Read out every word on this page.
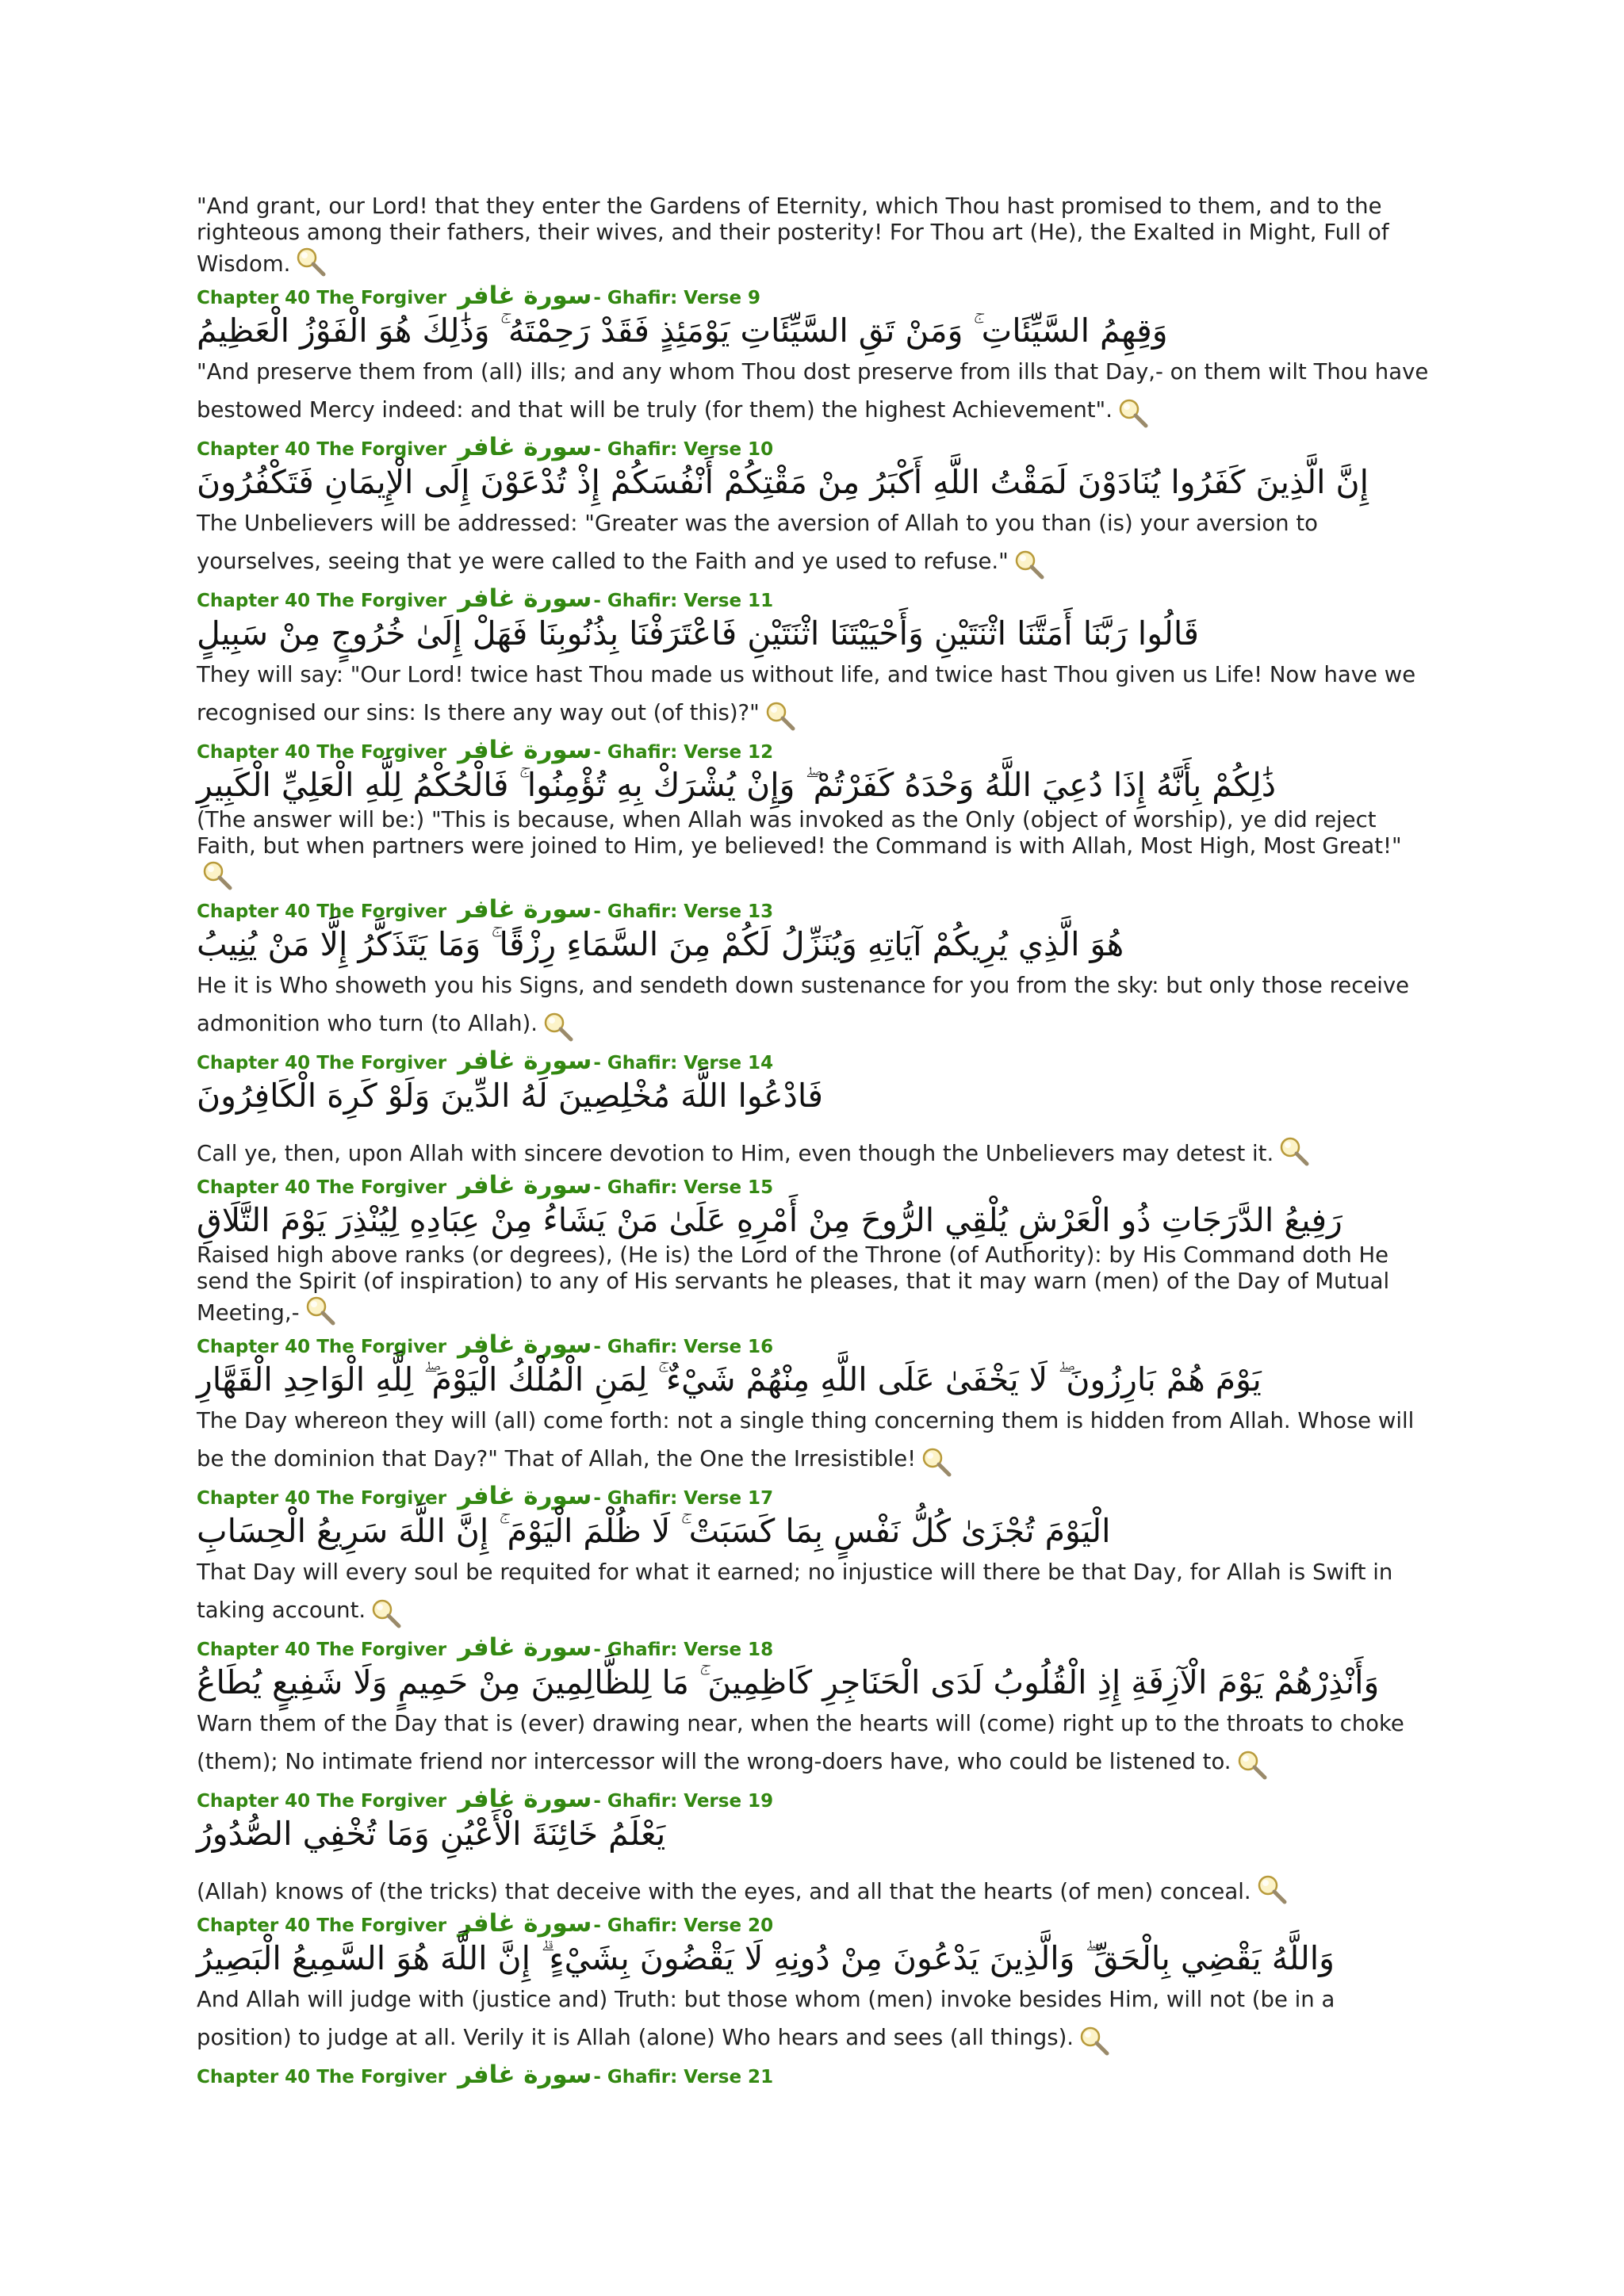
"And grant, our Lord! that they enter the Gardens of Eternity, which Thou hast promised to them, and to the righteous among their fathers, their wives, and their posterity! For Thou art (He), the Exalted in Might, Full of Wisdom.

Chapter 40 The Forgiver سورة غافر- Ghafir: Verse 9
وَقِهِمُ السَّيِّئَاتِ ۚ وَمَنْ تَقِ السَّيِّئَاتِ يَوْمَئِذٍ فَقَدْ رَحِمْتَهُ ۚ وَذَٰلِكَ هُوَ الْفَوْزُ الْعَظِيمُ

"And preserve them from (all) ills; and any whom Thou dost preserve from ills that Day,- on them wilt Thou have bestowed Mercy indeed: and that will be truly (for them) the highest Achievement".

Chapter 40 The Forgiver سورة غافر- Ghafir: Verse 10
إِنَّ الَّذِينَ كَفَرُوا يُنَادَوْنَ لَمَقْتُ اللَّهِ أَكْبَرُ مِنْ مَقْتِكُمْ أَنْفُسَكُمْ إِذْ تُدْعَوْنَ إِلَى الْإِيمَانِ فَتَكْفُرُونَ

The Unbelievers will be addressed: "Greater was the aversion of Allah to you than (is) your aversion to yourselves, seeing that ye were called to the Faith and ye used to refuse."

Chapter 40 The Forgiver سورة غافر- Ghafir: Verse 11
قَالُوا رَبَّنَا أَمَتَّنَا اثْنَتَيْنِ وَأَحْيَيْتَنَا اثْنَتَيْنِ فَاعْتَرَفْنَا بِذُنُوبِنَا فَهَلْ إِلَىٰ خُرُوجٍ مِنْ سَبِيلٍ

They will say: "Our Lord! twice hast Thou made us without life, and twice hast Thou given us Life! Now have we recognised our sins: Is there any way out (of this)?"

Chapter 40 The Forgiver سورة غافر- Ghafir: Verse 12
ذَٰلِكُمْ بِأَنَّهُ إِذَا دُعِيَ اللَّهُ وَحْدَهُ كَفَرْتُمْ ۖ وَإِنْ يُشْرَكْ بِهِ تُؤْمِنُوا ۚ فَالْحُكْمُ لِلَّهِ الْعَلِيِّ الْكَبِيرِ

(The answer will be:) "This is because, when Allah was invoked as the Only (object of worship), ye did reject Faith, but when partners were joined to Him, ye believed! the Command is with Allah, Most High, Most Great!"

Chapter 40 The Forgiver سورة غافر- Ghafir: Verse 13
هُوَ الَّذِي يُرِيكُمْ آيَاتِهِ وَيُنَزِّلُ لَكُمْ مِنَ السَّمَاءِ رِزْقًا ۚ وَمَا يَتَذَكَّرُ إِلَّا مَنْ يُنِيبُ

He it is Who showeth you his Signs, and sendeth down sustenance for you from the sky: but only those receive admonition who turn (to Allah).

Chapter 40 The Forgiver سورة غافر- Ghafir: Verse 14
فَادْعُوا اللَّهَ مُخْلِصِينَ لَهُ الدِّينَ وَلَوْ كَرِهَ الْكَافِرُونَ

Call ye, then, upon Allah with sincere devotion to Him, even though the Unbelievers may detest it.

Chapter 40 The Forgiver سورة غافر- Ghafir: Verse 15
رَفِيعُ الدَّرَجَاتِ ذُو الْعَرْشِ يُلْقِي الرُّوحَ مِنْ أَمْرِهِ عَلَىٰ مَنْ يَشَاءُ مِنْ عِبَادِهِ لِيُنْذِرَ يَوْمَ التَّلَاقِ

Raised high above ranks (or degrees), (He is) the Lord of the Throne (of Authority): by His Command doth He send the Spirit (of inspiration) to any of His servants he pleases, that it may warn (men) of the Day of Mutual Meeting,-

Chapter 40 The Forgiver سورة غافر- Ghafir: Verse 16
يَوْمَ هُمْ بَارِزُونَ ۖ لَا يَخْفَىٰ عَلَى اللَّهِ مِنْهُمْ شَيْءٌ ۚ لِمَنِ الْمُلْكُ الْيَوْمَ ۖ لِلَّهِ الْوَاحِدِ الْقَهَّارِ

The Day whereon they will (all) come forth: not a single thing concerning them is hidden from Allah. Whose will be the dominion that Day?" That of Allah, the One the Irresistible!

Chapter 40 The Forgiver سورة غافر- Ghafir: Verse 17
الْيَوْمَ تُجْزَىٰ كُلُّ نَفْسٍ بِمَا كَسَبَتْ ۚ لَا ظُلْمَ الْيَوْمَ ۚ إِنَّ اللَّهَ سَرِيعُ الْحِسَابِ

That Day will every soul be requited for what it earned; no injustice will there be that Day, for Allah is Swift in taking account.

Chapter 40 The Forgiver سورة غافر- Ghafir: Verse 18
وَأَنْذِرْهُمْ يَوْمَ الْآزِفَةِ إِذِ الْقُلُوبُ لَدَى الْحَنَاجِرِ كَاظِمِينَ ۚ مَا لِلظَّالِمِينَ مِنْ حَمِيمٍ وَلَا شَفِيعٍ يُطَاعُ

Warn them of the Day that is (ever) drawing near, when the hearts will (come) right up to the throats to choke (them); No intimate friend nor intercessor will the wrong-doers have, who could be listened to.

Chapter 40 The Forgiver سورة غافر- Ghafir: Verse 19
يَعْلَمُ خَائِنَةَ الْأَعْيُنِ وَمَا تُخْفِي الصُّدُورُ

(Allah) knows of (the tricks) that deceive with the eyes, and all that the hearts (of men) conceal.

Chapter 40 The Forgiver سورة غافر- Ghafir: Verse 20
وَاللَّهُ يَقْضِي بِالْحَقِّ ۖ وَالَّذِينَ يَدْعُونَ مِنْ دُونِهِ لَا يَقْضُونَ بِشَيْءٍ ۗ إِنَّ اللَّهَ هُوَ السَّمِيعُ الْبَصِيرُ

And Allah will judge with (justice and) Truth: but those whom (men) invoke besides Him, will not (be in a position) to judge at all. Verily it is Allah (alone) Who hears and sees (all things).

Chapter 40 The Forgiver سورة غافر- Ghafir: Verse 21
